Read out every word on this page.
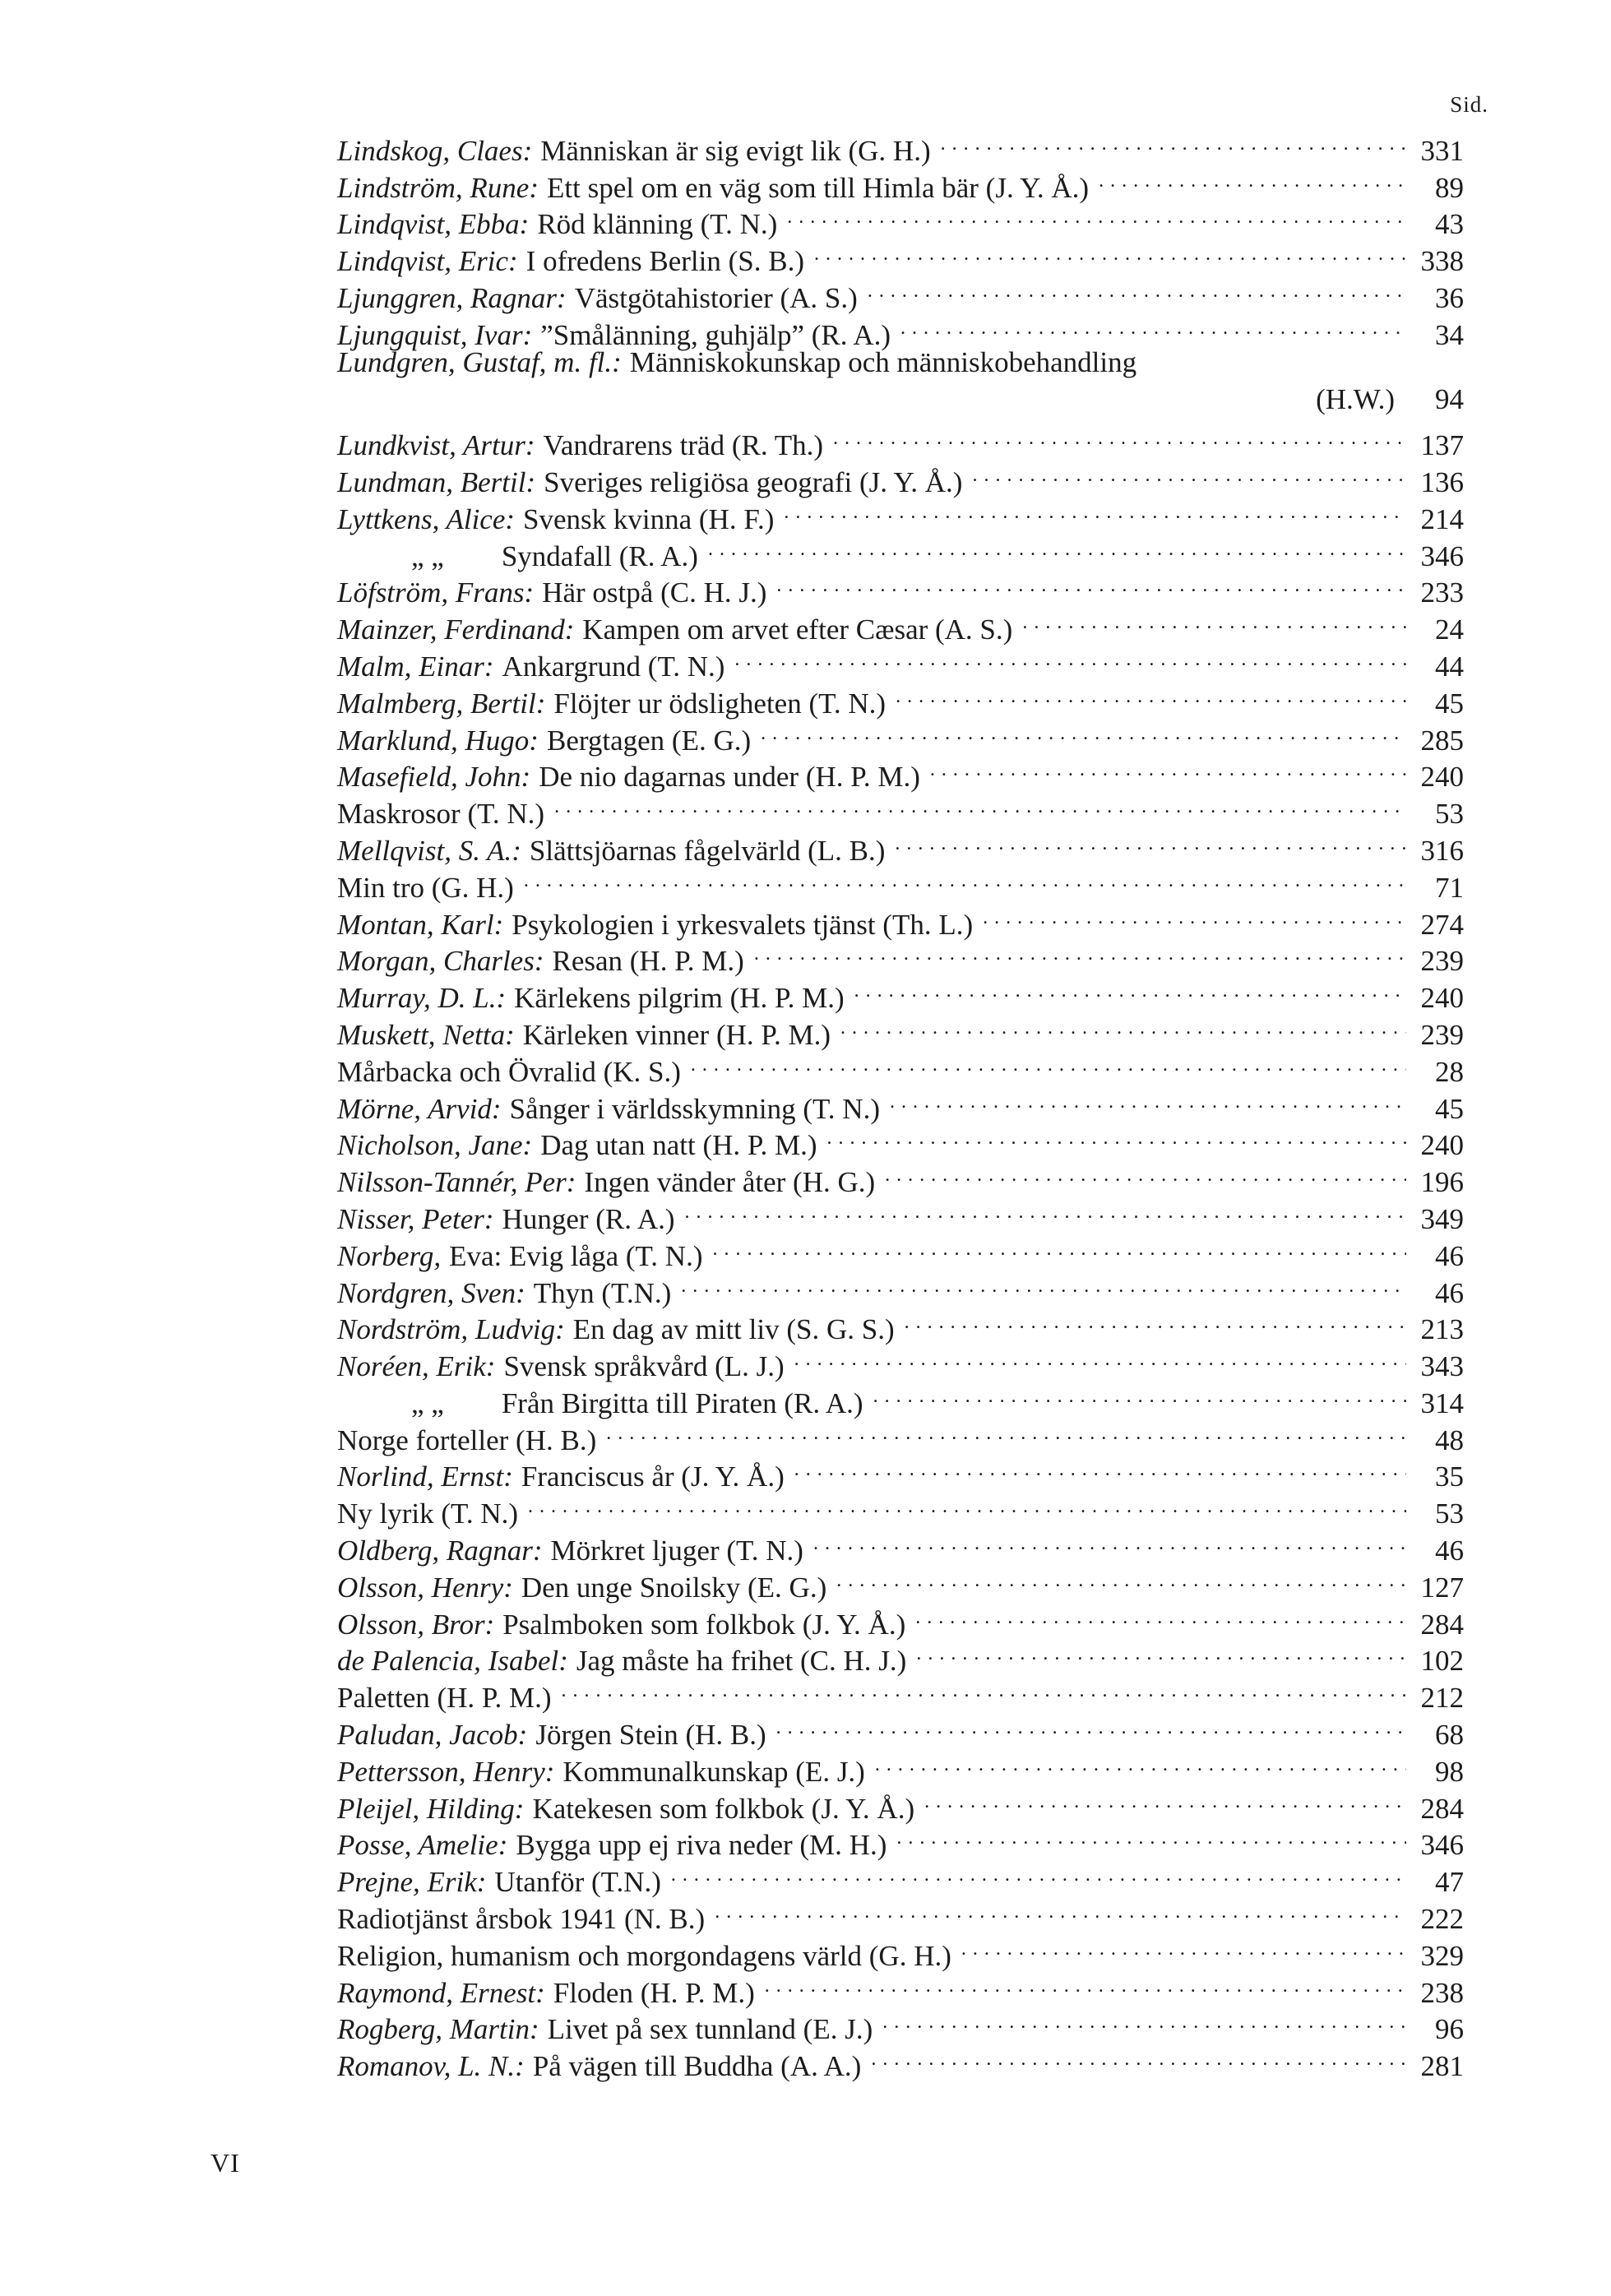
Sid.
Lindskog, Claes: Människan är sig evigt lik (G. H.) . . .	331
Lindström, Rune: Ett spel om en väg som till Himla bär (J. Y. Å.) . . .	89
Lindqvist, Ebba: Röd klänning (T. N.) . . .	43
Lindqvist, Eric: I ofredens Berlin (S. B.) . . .	338
Ljunggren, Ragnar: Västgötahistorier (A. S.) . . .	36
Ljungquist, Ivar: ”Smålänning, guhjälp” (R. A.) . . .	34
Lundgren, Gustaf, m. fl.: Människokunskap och människobehandling
(H.W.)	94
Lundkvist, Artur: Vandrarens träd (R. Th.) . . .	137
Lundman, Bertil: Sveriges religiösa geografi (J. Y. Å.) . . .	136
Lyttkens, Alice: Svensk kvinna (H. F.) . . .	214
„ „ Syndafall (R. A.) . . .	346
Löfström, Frans: Här ostpå (C. H. J.) . . .	233
Mainzer, Ferdinand: Kampen om arvet efter Cæsar (A. S.) . . .	24
Malm, Einar: Ankargrund (T. N.) . . .	44
Malmberg, Bertil: Flöjter ur ödsligheten (T. N.) . . .	45
Marklund, Hugo: Bergtagen (E. G.) . . .	285
Masefield, John: De nio dagarnas under (H. P. M.) . . .	240
Maskrosor (T. N.) . . .	53
Mellqvist, S. A.: Slättsjöarnas fågelvärld (L. B.) . . .	316
Min tro (G. H.) . . .	71
Montan, Karl: Psykologien i yrkesvalets tjänst (Th. L.) . . .	274
Morgan, Charles: Resan (H. P. M.) . . .	239
Murray, D. L.: Kärlekens pilgrim (H. P. M.) . . .	240
Muskett, Netta: Kärleken vinner (H. P. M.) . . .	239
Mårbacka och Övralid (K. S.) . . .	28
Mörne, Arvid: Sånger i världsskymning (T. N.) . . .	45
Nicholson, Jane: Dag utan natt (H. P. M.) . . .	240
Nilsson-Tannér, Per: Ingen vänder åter (H. G.) . . .	196
Nisser, Peter: Hunger (R. A.) . . .	349
Norberg, Eva: Evig låga (T. N.) . . .	46
Nordgren, Sven: Thyn (T.N.) . . .	46
Nordström, Ludvig: En dag av mitt liv (S. G. S.) . . .	213
Noréen, Erik: Svensk språkvård (L. J.) . . .	343
„ „ Från Birgitta till Piraten (R. A.) . . .	314
Norge forteller (H. B.) . . .	48
Norlind, Ernst: Franciscus år (J. Y. Å.) . . .	35
Ny lyrik (T. N.) . . .	53
Oldberg, Ragnar: Mörkret ljuger (T. N.) . . .	46
Olsson, Henry: Den unge Snoilsky (E. G.) . . .	127
Olsson, Bror: Psalmboken som folkbok (J. Y. Å.) . . .	284
de Palencia, Isabel: Jag måste ha frihet (C. H. J.) . . .	102
Paletten (H. P. M.) . . .	212
Paludan, Jacob: Jörgen Stein (H. B.) . . .	68
Pettersson, Henry: Kommunalkunskap (E. J.) . . .	98
Pleijel, Hilding: Katekesen som folkbok (J. Y. Å.) . . .	284
Posse, Amelie: Bygga upp ej riva neder (M. H.) . . .	346
Prejne, Erik: Utanför (T.N.) . . .	47
Radiotjänst årsbok 1941 (N. B.) . . .	222
Religion, humanism och morgondagens värld (G. H.) . . .	329
Raymond, Ernest: Floden (H. P. M.) . . .	238
Rogberg, Martin: Livet på sex tunnland (E. J.) . . .	96
Romanov, L. N.: På vägen till Buddha (A. A.) . . .	281
VI
